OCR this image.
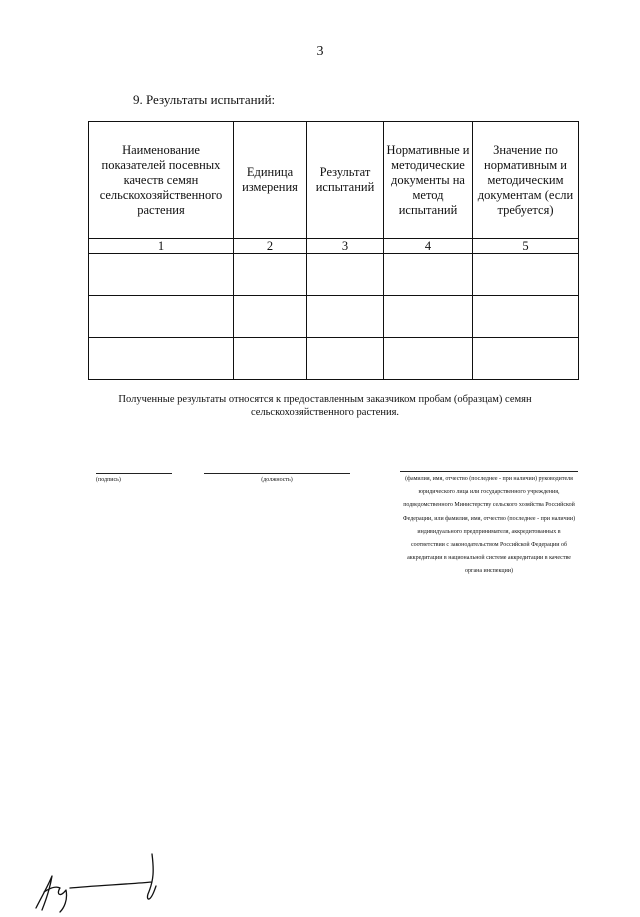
3
9. Результаты испытаний:
Наименование показателей посевных качеств семян сельскохозяйственного растения	Единица измерения	Результат испытаний	Нормативные и методические документы на метод испытаний	Значение по нормативным и методическим документам (если требуется)
1	2	3	4	5

Полученные результаты относятся к предоставленным заказчиком пробам (образцам) семян сельскохозяйственного растения.
(подпись)	(должность)	(фамилия, имя, отчество (последнее - при наличии) руководителя юридического лица или государственного учреждения, подведомственного Министерству сельского хозяйства Российской Федерации, или фамилия, имя, отчество (последнее - при наличии) индивидуального предпринимателя, аккредитованных в соответствии с законодательством Российской Федерации об аккредитации в национальной системе аккредитации в качестве органа инспекции)
